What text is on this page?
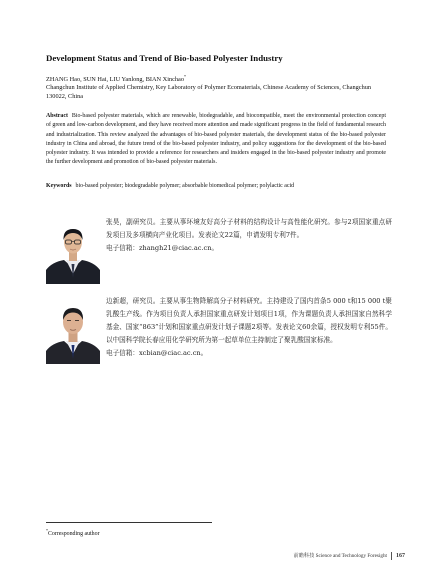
Development Status and Trend of Bio-based Polyester Industry
ZHANG Hao, SUN Hai, LIU Yanlong, BIAN Xinchao*
Changchun Institute of Applied Chemistry, Key Laboratory of Polymer Ecomaterials, Chinese Academy of Sciences, Changchun 130022, China
Abstract Bio-based polyester materials, which are renewable, biodegradable, and biocompatible, meet the environmental protection concept of green and low-carbon development, and they have received more attention and made significant progress in the field of fundamental research and industrialization. This review analyzed the advantages of bio-based polyester materials, the development status of the bio-based polyester industry in China and abroad, the future trend of the bio-based polyester industry, and policy suggestions for the development of the bio-based polyester industry. It was intended to provide a reference for researchers and insiders engaged in the bio-based polyester industry and promote the further development and promotion of bio-based polyester materials.
Keywords bio-based polyester; biodegradable polymer; absorbable biomedical polymer; polylactic acid
张昊，副研究员。主要从事环境友好高分子材料的结构设计与高性能化研究。参与2项国家重点研发项目及多项横向产业化项目。发表论文22篇，申请发明专利7件。
电子信箱：zhangh21@ciac.ac.cn。
边新超，研究员。主要从事生物降解高分子材料研究。主持建设了国内首条5 000 t和15 000 t聚乳酸生产线。作为项目负责人承担国家重点研发计划项目1项，作为课题负责人承担国家自然科学基金、国家“863”计划和国家重点研发计划子课题2项等。发表论文60余篇，授权发明专利55件。以中国科学院长春应用化学研究所为第一起草单位主持制定了聚乳酸国家标准。
电子信箱：xcbian@ciac.ac.cn。
*Corresponding author
前瞻科技 Science and Technology Foresight 167
